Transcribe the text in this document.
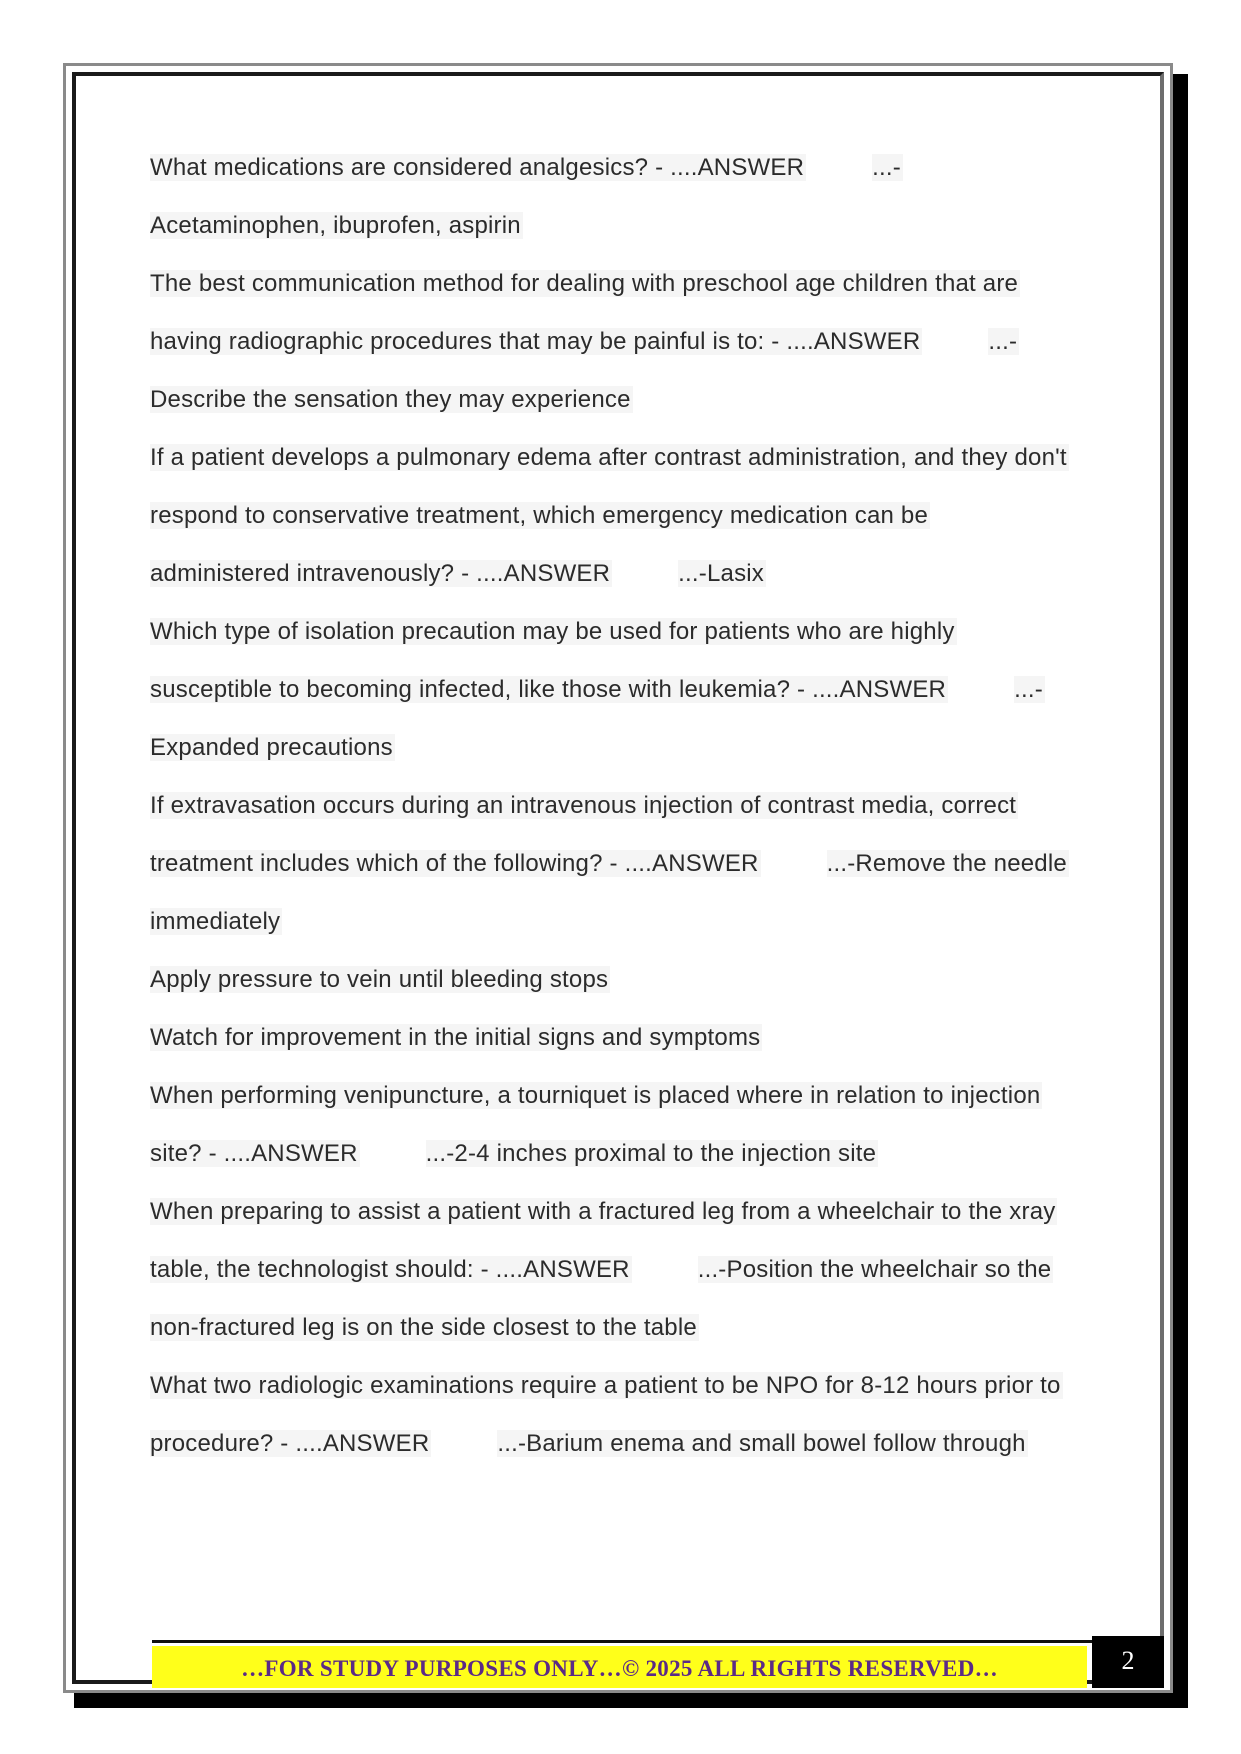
What medications are considered analgesics? - ....ANSWER	...-
Acetaminophen, ibuprofen, aspirin
The best communication method for dealing with preschool age children that are
having radiographic procedures that may be painful is to: - ....ANSWER	...-
Describe the sensation they may experience
If a patient develops a pulmonary edema after contrast administration, and they don't
respond to conservative treatment, which emergency medication can be
administered intravenously? - ....ANSWER	...-Lasix
Which type of isolation precaution may be used for patients who are highly
susceptible to becoming infected, like those with leukemia? - ....ANSWER	...-
Expanded precautions
If extravasation occurs during an intravenous injection of contrast media, correct
treatment includes which of the following? - ....ANSWER	...-Remove the needle
immediately
Apply pressure to vein until bleeding stops
Watch for improvement in the initial signs and symptoms
When performing venipuncture, a tourniquet is placed where in relation to injection
site? - ....ANSWER	...-2-4 inches proximal to the injection site
When preparing to assist a patient with a fractured leg from a wheelchair to the xray
table, the technologist should: - ....ANSWER	...-Position the wheelchair so the
non-fractured leg is on the side closest to the table
What two radiologic examinations require a patient to be NPO for 8-12 hours prior to
procedure? - ....ANSWER	...-Barium enema and small bowel follow through
…FOR STUDY PURPOSES ONLY…© 2025 ALL RIGHTS RESERVED…	2
